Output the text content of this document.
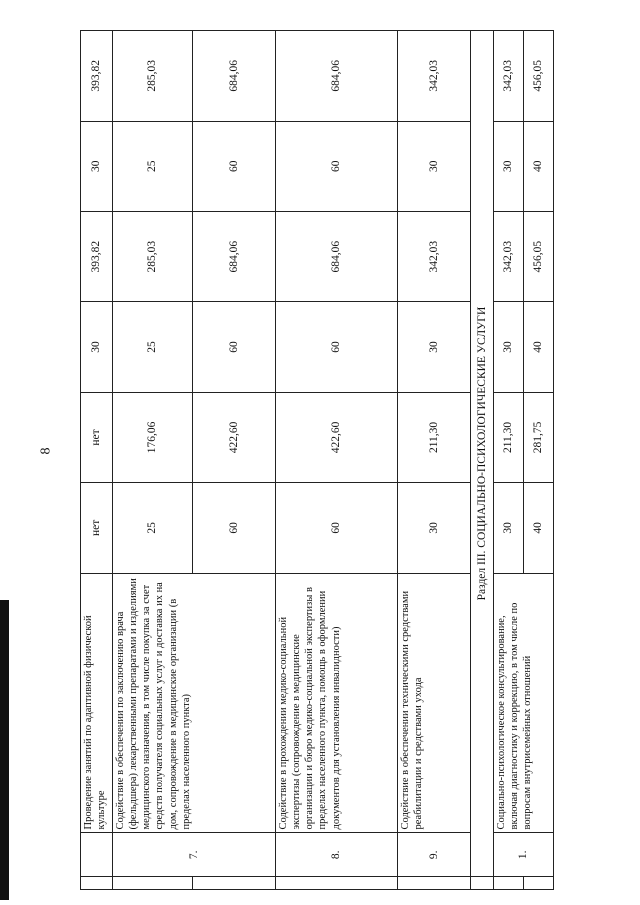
8
		Проведение занятий по адаптивной физической культуре	нет	нет	30	393,82	30	393,82
	7.	Содействие в обеспечении по заключению врача (фельдшера) лекарственными препаратами и изделиями медицинского назначения, в том числе покупка за счет средств получателя социальных услуг и доставка их на дом, сопровождение в медицинские организации (в пределах населенного пункта)	25	176,06	25	285,03	25	285,03
			60	422,60	60	684,06	60	684,06
	8.	Содействие в прохождении медико-социальной экспертизы (сопровождение в медицинские организации и бюро медико-социальной экспертизы в пределах населенного пункта, помощь в оформлении документов для установления инвалидности)	60	422,60	60	684,06	60	684,06
	9.	Содействие в обеспечении техническими средствами реабилитации и средствами ухода	30	211,30	30	342,03	30	342,03
	Раздел III. СОЦИАЛЬНО-ПСИХОЛОГИЧЕСКИЕ УСЛУГИ							
	1.	Социально-психологическое консультирование, включая диагностику и коррекцию, в том числе по вопросам внутрисемейных отношений	30	211,30	30	342,03	30	342,03
			40	281,75	40	456,05	40	456,05
